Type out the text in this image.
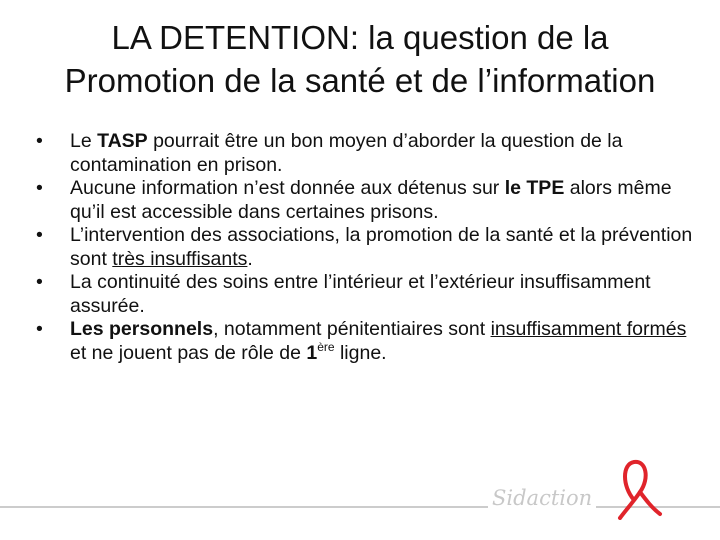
LA DETENTION: la question de la
Promotion de la santé et de l’information
• Le TASP pourrait être un bon moyen d’aborder la question de la contamination en prison.
• Aucune information n’est donnée aux détenus sur le TPE alors même qu’il est accessible dans certaines prisons.
• L’intervention des associations, la promotion de la santé et la prévention sont très insuffisants.
• La continuité des soins entre l’intérieur et l’extérieur insuffisamment assurée.
• Les personnels, notamment pénitentiaires sont insuffisamment formés et ne jouent pas de rôle de 1ère ligne.
Sidaction
